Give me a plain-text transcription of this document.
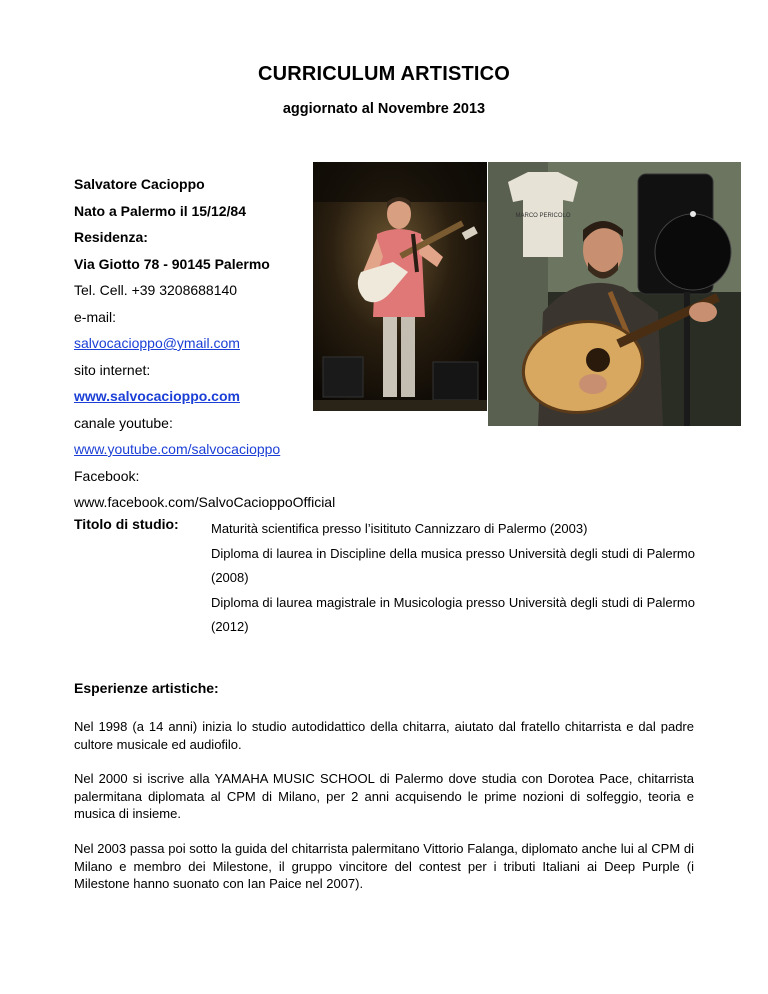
CURRICULUM ARTISTICO
aggiornato al Novembre 2013
Salvatore Cacioppo
Nato a Palermo il 15/12/84
Residenza:
Via Giotto 78 - 90145 Palermo
Tel. Cell. +39 3208688140
e-mail:
salvocacioppo@ymail.com
sito internet:
www.salvocacioppo.com
canale youtube:
www.youtube.com/salvocacioppo
Facebook:
www.facebook.com/SalvoCacioppoOfficial
MARCO PERICOLO
Titolo di studio: Maturità scientifica presso l’isitituto Cannizzaro di Palermo (2003)
Diploma di laurea in Discipline della musica presso Università degli studi di Palermo (2008)
Diploma di laurea magistrale in Musicologia presso Università degli studi di Palermo (2012)
Esperienze artistiche:
Nel 1998 (a 14 anni) inizia lo studio autodidattico della chitarra, aiutato dal fratello chitarrista e dal padre cultore musicale ed audiofilo.
Nel 2000 si iscrive alla YAMAHA MUSIC SCHOOL di Palermo dove studia con Dorotea Pace, chitarrista palermitana diplomata al CPM di Milano, per 2 anni acquisendo le prime nozioni di solfeggio, teoria e musica di insieme.
Nel 2003 passa poi sotto la guida del chitarrista palermitano Vittorio Falanga, diplomato anche lui al CPM di Milano e membro dei Milestone, il gruppo vincitore del contest per i tributi Italiani ai Deep Purple (i Milestone hanno suonato con Ian Paice nel 2007).
